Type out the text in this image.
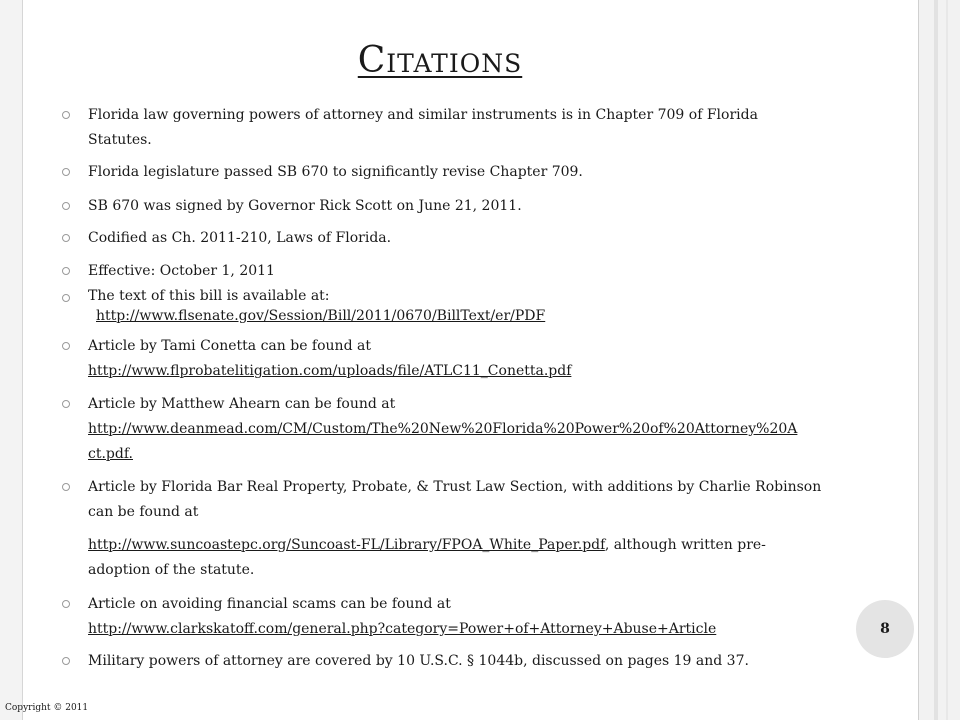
Citations
Florida law governing powers of attorney and similar instruments is in Chapter 709 of Florida Statutes.
Florida legislature passed SB 670 to significantly revise Chapter 709.
SB 670 was signed by Governor Rick Scott on June 21, 2011.
Codified as Ch. 2011-210, Laws of Florida.
Effective: October 1, 2011
The text of this bill is available at:
http://www.flsenate.gov/Session/Bill/2011/0670/BillText/er/PDF
Article by Tami Conetta can be found at
http://www.flprobatelitigation.com/uploads/file/ATLC11_Conetta.pdf
Article by Matthew Ahearn can be found at
http://www.deanmead.com/CM/Custom/The%20New%20Florida%20Power%20of%20Attorney%20A
ct.pdf.
Article by Florida Bar Real Property, Probate, & Trust Law Section, with additions by Charlie Robinson can be found at
http://www.suncoastepc.org/Suncoast-FL/Library/FPOA_White_Paper.pdf, although written pre-adoption of the statute.
Article on avoiding financial scams can be found at
http://www.clarkskatoff.com/general.php?category=Power+of+Attorney+Abuse+Article
Military powers of attorney are covered by 10 U.S.C. § 1044b, discussed on pages 19 and 37.
8
Copyright © 2011
